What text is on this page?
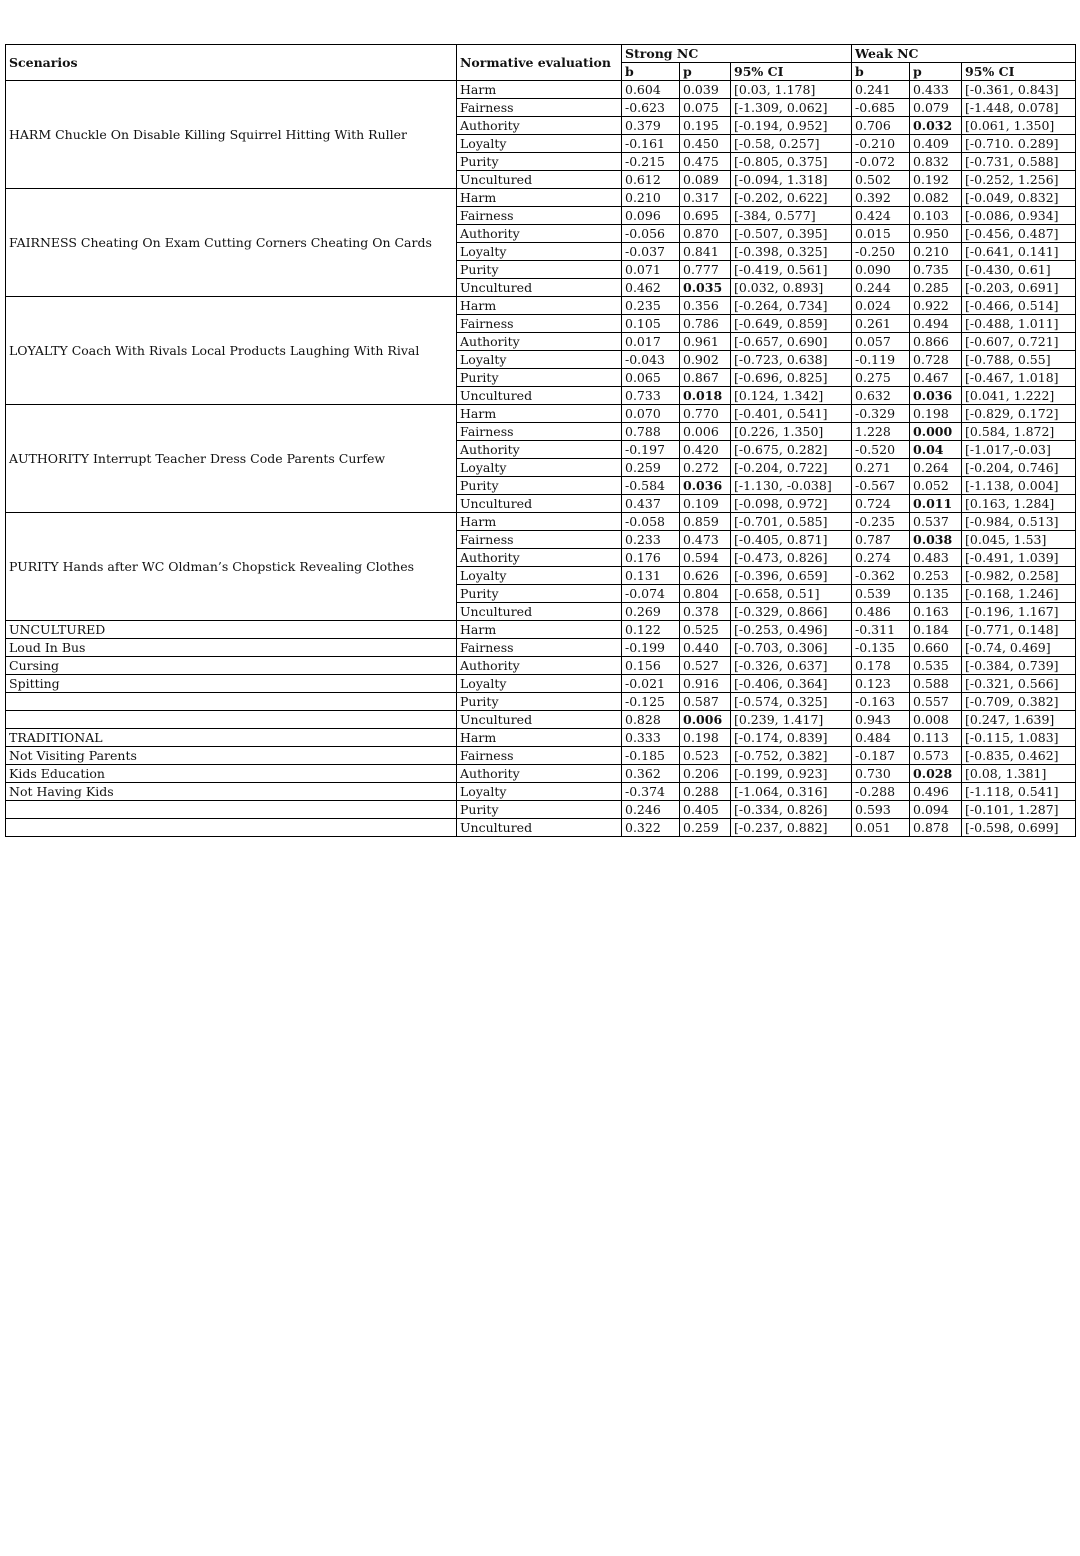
Scenarios	Normative evaluation	Strong NC			Weak NC		
		b	p	95% CI	b	p	95% CI
HARM Chuckle On Disable Killing Squirrel Hitting With Ruller	Harm	0.604	0.039	[0.03, 1.178]	0.241	0.433	[-0.361, 0.843]
	Fairness	-0.623	0.075	[-1.309, 0.062]	-0.685	0.079	[-1.448, 0.078]
	Authority	0.379	0.195	[-0.194, 0.952]	0.706	0.032	[0.061, 1.350]
	Loyalty	-0.161	0.450	[-0.58, 0.257]	-0.210	0.409	[-0.710. 0.289]
	Purity	-0.215	0.475	[-0.805, 0.375]	-0.072	0.832	[-0.731, 0.588]
	Uncultured	0.612	0.089	[-0.094, 1.318]	0.502	0.192	[-0.252, 1.256]
FAIRNESS Cheating On Exam Cutting Corners Cheating On Cards	Harm	0.210	0.317	[-0.202, 0.622]	0.392	0.082	[-0.049, 0.832]
	Fairness	0.096	0.695	[-384, 0.577]	0.424	0.103	[-0.086, 0.934]
	Authority	-0.056	0.870	[-0.507, 0.395]	0.015	0.950	[-0.456, 0.487]
	Loyalty	-0.037	0.841	[-0.398, 0.325]	-0.250	0.210	[-0.641, 0.141]
	Purity	0.071	0.777	[-0.419, 0.561]	0.090	0.735	[-0.430, 0.61]
	Uncultured	0.462	0.035	[0.032, 0.893]	0.244	0.285	[-0.203, 0.691]
LOYALTY Coach With Rivals Local Products Laughing With Rival	Harm	0.235	0.356	[-0.264, 0.734]	0.024	0.922	[-0.466, 0.514]
	Fairness	0.105	0.786	[-0.649, 0.859]	0.261	0.494	[-0.488, 1.011]
	Authority	0.017	0.961	[-0.657, 0.690]	0.057	0.866	[-0.607, 0.721]
	Loyalty	-0.043	0.902	[-0.723, 0.638]	-0.119	0.728	[-0.788, 0.55]
	Purity	0.065	0.867	[-0.696, 0.825]	0.275	0.467	[-0.467, 1.018]
	Uncultured	0.733	0.018	[0.124, 1.342]	0.632	0.036	[0.041, 1.222]
AUTHORITY Interrupt Teacher Dress Code Parents Curfew	Harm	0.070	0.770	[-0.401, 0.541]	-0.329	0.198	[-0.829, 0.172]
	Fairness	0.788	0.006	[0.226, 1.350]	1.228	0.000	[0.584, 1.872]
	Authority	-0.197	0.420	[-0.675, 0.282]	-0.520	0.04	[-1.017,-0.03]
	Loyalty	0.259	0.272	[-0.204, 0.722]	0.271	0.264	[-0.204, 0.746]
	Purity	-0.584	0.036	[-1.130, -0.038]	-0.567	0.052	[-1.138, 0.004]
	Uncultured	0.437	0.109	[-0.098, 0.972]	0.724	0.011	[0.163, 1.284]
PURITY Hands after WC Oldman’s Chopstick Revealing Clothes	Harm	-0.058	0.859	[-0.701, 0.585]	-0.235	0.537	[-0.984, 0.513]
	Fairness	0.233	0.473	[-0.405, 0.871]	0.787	0.038	[0.045, 1.53]
	Authority	0.176	0.594	[-0.473, 0.826]	0.274	0.483	[-0.491, 1.039]
	Loyalty	0.131	0.626	[-0.396, 0.659]	-0.362	0.253	[-0.982, 0.258]
	Purity	-0.074	0.804	[-0.658, 0.51]	0.539	0.135	[-0.168, 1.246]
	Uncultured	0.269	0.378	[-0.329, 0.866]	0.486	0.163	[-0.196, 1.167]
UNCULTURED	Harm	0.122	0.525	[-0.253, 0.496]	-0.311	0.184	[-0.771, 0.148]
Loud In Bus	Fairness	-0.199	0.440	[-0.703, 0.306]	-0.135	0.660	[-0.74, 0.469]
Cursing	Authority	0.156	0.527	[-0.326, 0.637]	0.178	0.535	[-0.384, 0.739]
Spitting	Loyalty	-0.021	0.916	[-0.406, 0.364]	0.123	0.588	[-0.321, 0.566]
	Purity	-0.125	0.587	[-0.574, 0.325]	-0.163	0.557	[-0.709, 0.382]
	Uncultured	0.828	0.006	[0.239, 1.417]	0.943	0.008	[0.247, 1.639]
TRADITIONAL	Harm	0.333	0.198	[-0.174, 0.839]	0.484	0.113	[-0.115, 1.083]
Not Visiting Parents	Fairness	-0.185	0.523	[-0.752, 0.382]	-0.187	0.573	[-0.835, 0.462]
Kids Education	Authority	0.362	0.206	[-0.199, 0.923]	0.730	0.028	[0.08, 1.381]
Not Having Kids	Loyalty	-0.374	0.288	[-1.064, 0.316]	-0.288	0.496	[-1.118, 0.541]
	Purity	0.246	0.405	[-0.334, 0.826]	0.593	0.094	[-0.101, 1.287]
	Uncultured	0.322	0.259	[-0.237, 0.882]	0.051	0.878	[-0.598, 0.699]
